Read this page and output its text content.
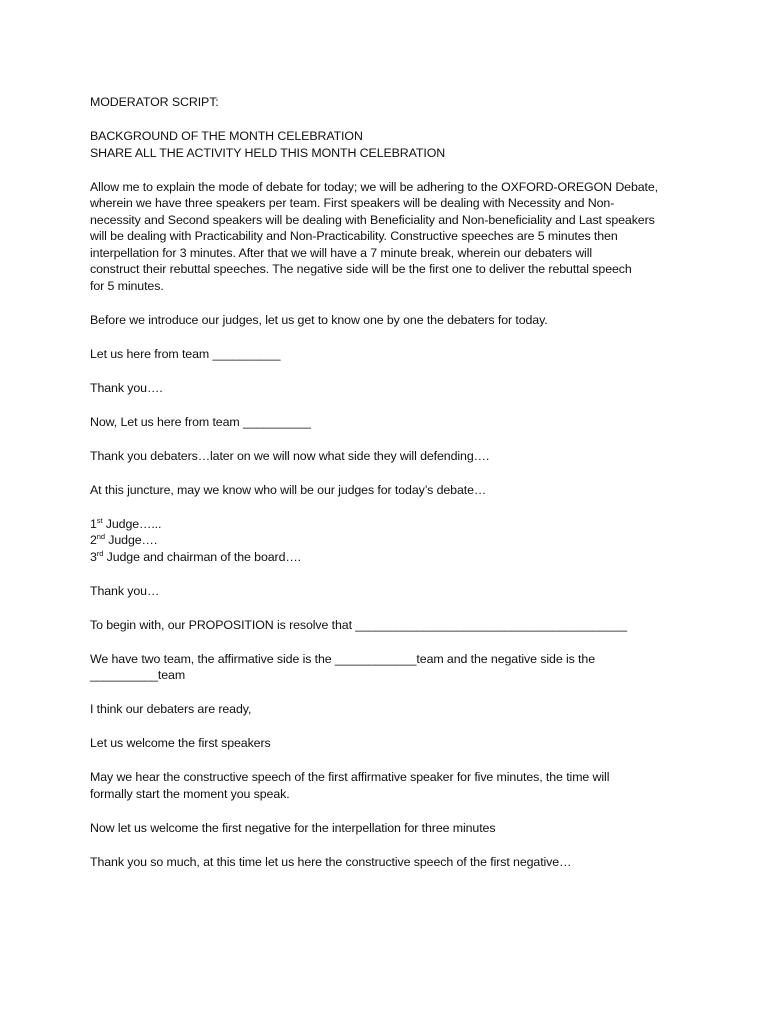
MODERATOR SCRIPT:
BACKGROUND OF THE MONTH CELEBRATION
SHARE ALL THE ACTIVITY HELD THIS MONTH CELEBRATION
Allow me to explain the mode of debate for today; we will be adhering to the OXFORD-OREGON Debate,
wherein we have three speakers per team. First speakers will be dealing with Necessity and Non-
necessity and Second speakers will be dealing with Beneficiality and Non-beneficiality and Last speakers
will be dealing with Practicability and Non-Practicability. Constructive speeches are 5 minutes then
interpellation for 3 minutes. After that we will have a 7 minute break, wherein our debaters will
construct their rebuttal speeches. The negative side will be the first one to deliver the rebuttal speech
for 5 minutes.
Before we introduce our judges, let us get to know one by one the debaters for today.
Let us here from team __________
Thank you….
Now, Let us here from team __________
Thank you debaters…later on we will now what side they will defending….
At this juncture, may we know who will be our judges for today’s debate…
1st Judge…...
2nd Judge….
3rd Judge and chairman of the board….
Thank you…
To begin with, our PROPOSITION is resolve that ________________________________________
We have two team, the affirmative side is the ____________team and the negative side is the
__________team
I think our debaters are ready,
Let us welcome the first speakers
May we hear the constructive speech of the first affirmative speaker for five minutes, the time will
formally start the moment you speak.
Now let us welcome the first negative for the interpellation for three minutes
Thank you so much, at this time let us here the constructive speech of the first negative…
